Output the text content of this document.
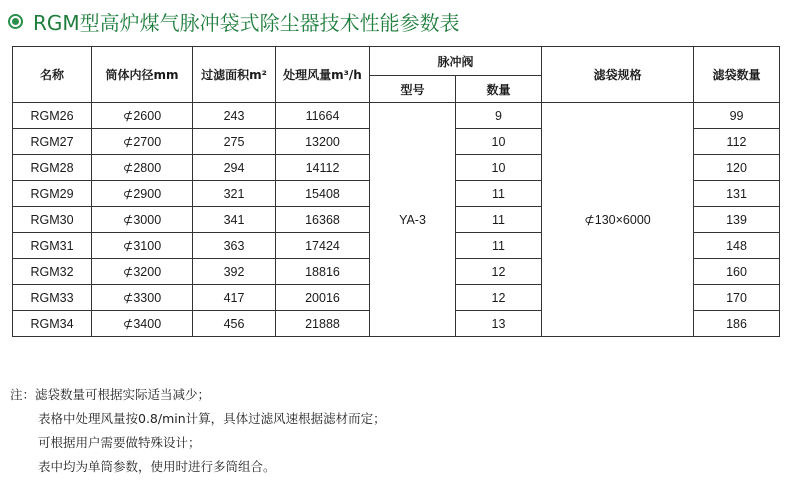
RGM型高炉煤气脉冲袋式除尘器技术性能参数表
名称	筒体内径mm	过滤面积m²	处理风量m³/h	脉冲阀		滤袋规格	滤袋数量
				型号	数量		
RGM26	⊄2600	243	11664	YA-3	9	⊄130×6000	99
RGM27	⊄2700	275	13200		10		112
RGM28	⊄2800	294	14112		10		120
RGM29	⊄2900	321	15408		11		131
RGM30	⊄3000	341	16368		11		139
RGM31	⊄3100	363	17424		11		148
RGM32	⊄3200	392	18816		12		160
RGM33	⊄3300	417	20016		12		170
RGM34	⊄3400	456	21888		13		186
注：滤袋数量可根据实际适当减少；
表格中处理风量按0.8/min计算，具体过滤风速根据滤材而定；
可根据用户需要做特殊设计；
表中均为单筒参数，使用时进行多筒组合。
